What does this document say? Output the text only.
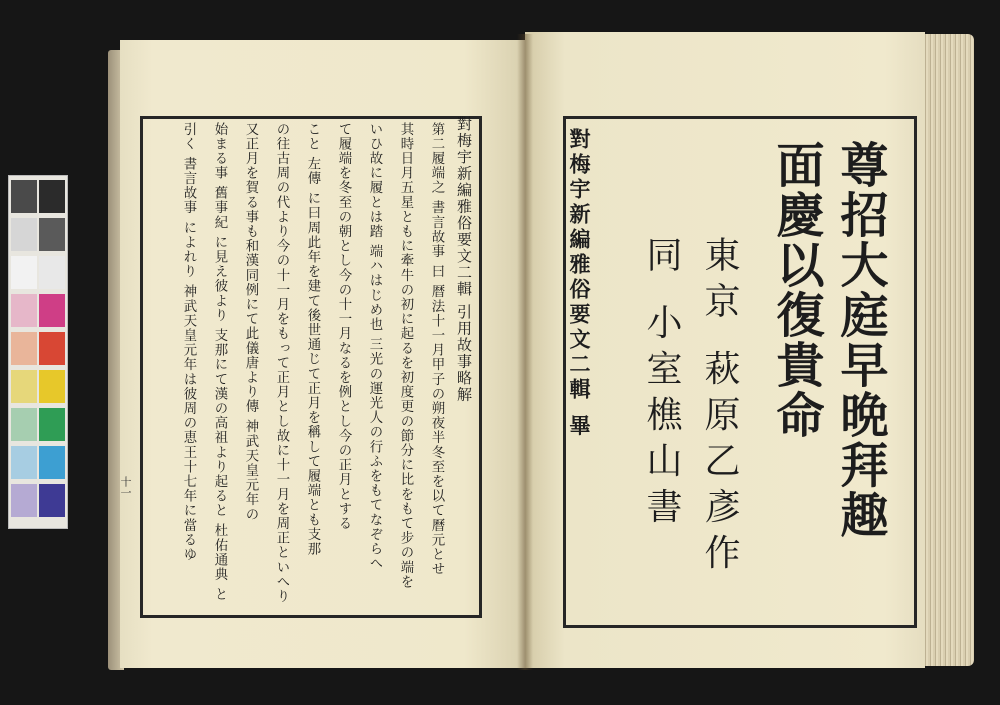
對梅宇新編雅俗要文二輯 引用故事略解
第二履端之 書言故事 曰 暦法十一月甲子の朔夜半冬至を以て曆元とせ
其時日月五星ともに牽牛の初に起るを初度更の節分に比をもて步の端を
いひ故に履とは踏 端ハはじめ也 三光の運光人の行ふをもてなぞらへ
て履端を冬至の朝とし今の十一月なるを例とし今の正月とする
こと 左傳 に曰周此年を建て後世通じて正月を稱して履端とも支那
の往古周の代より今の十一月をもって正月とし故に十一月を周正といへり
又正月を賀る事も和漢同例にて此儀唐より傳 神武天皇元年の
始まる事 舊事紀 に見え彼より 支那にて漢の高祖より起ると 杜佑通典 と
引く 書言故事 によれり 神武天皇元年は彼周の恵王十七年に當るゆ
十一
對梅宇新編雅俗要文二輯 畢	尊招大庭早晩拜趣
面慶以復貴命
東京 萩原乙彥作
同 小室樵山書
